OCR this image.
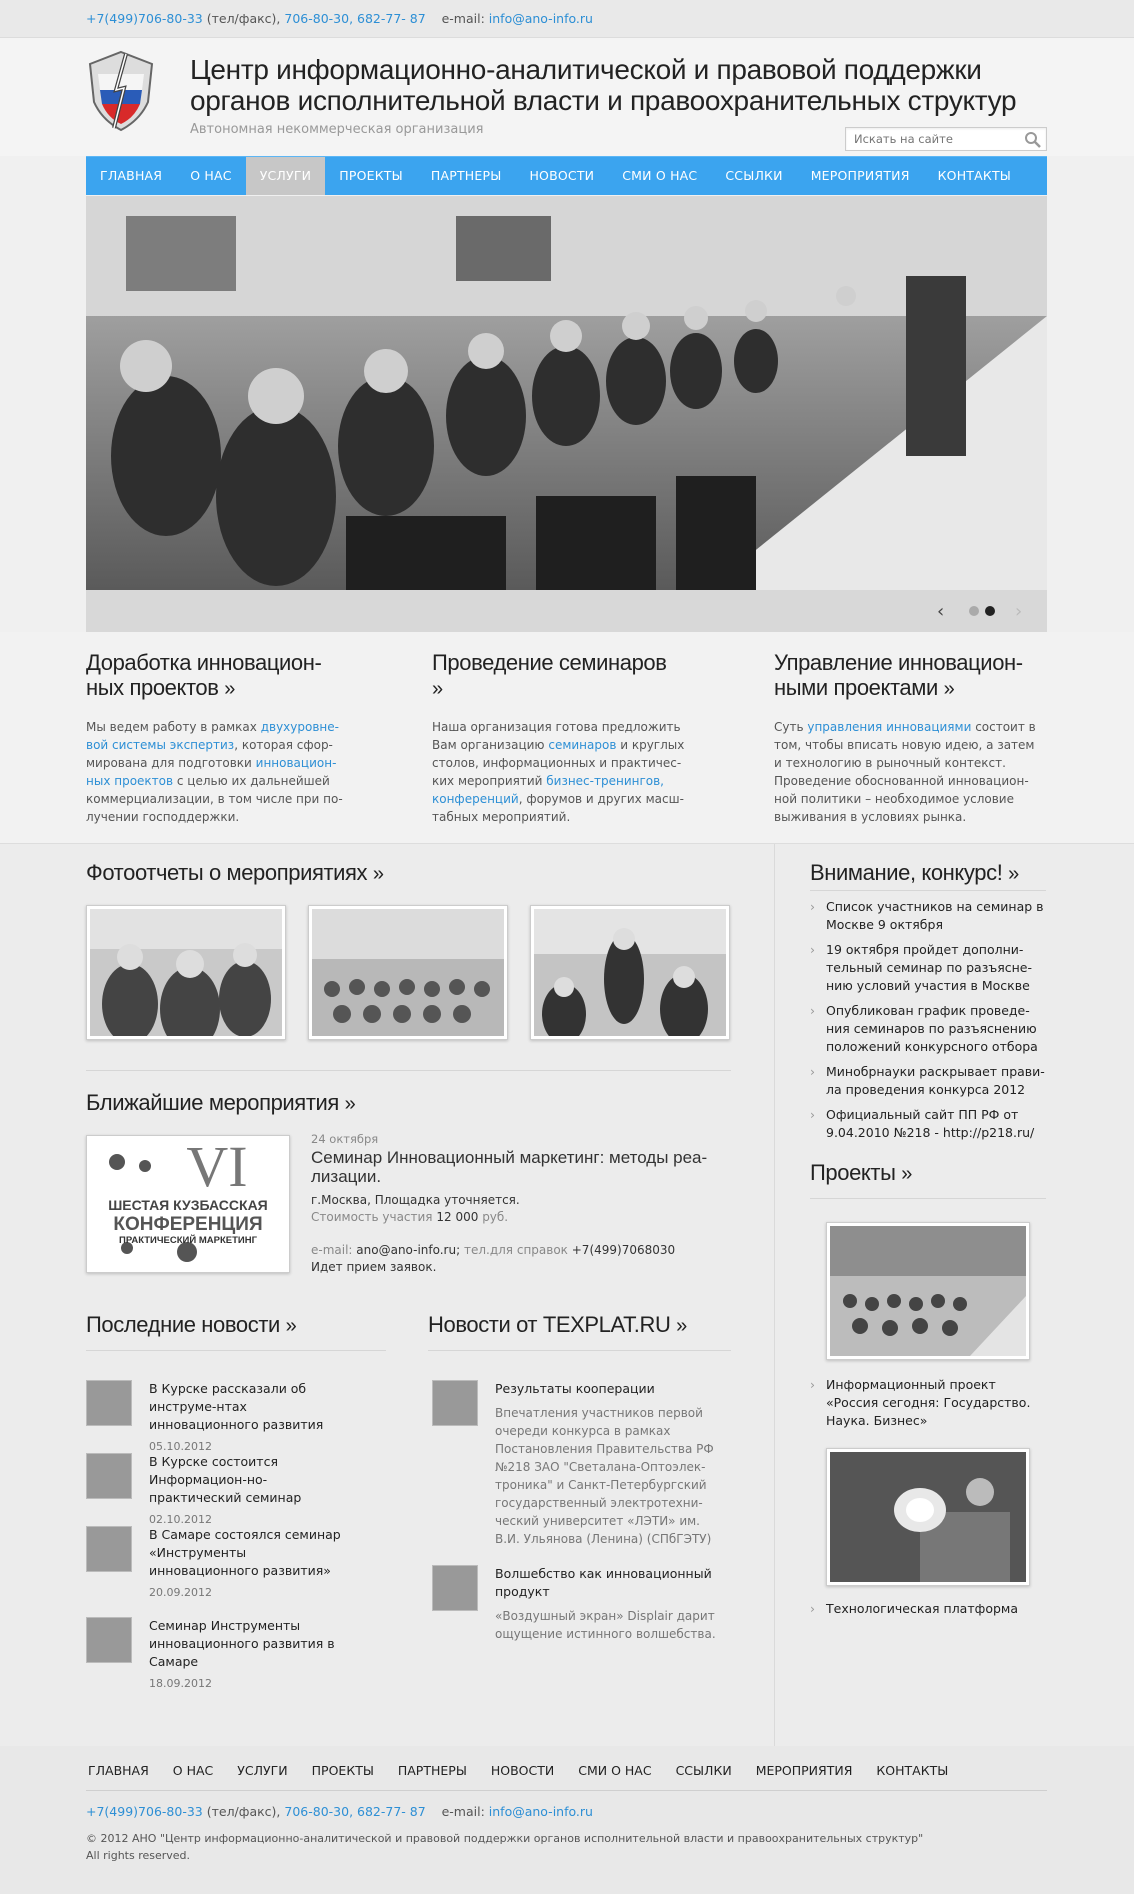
+7(499)706-80-33 (тел/факс), 706-80-30, 682-77- 87 e-mail: info@ano-info.ru
Центр информационно-аналитической и правовой поддержки
органов исполнительной власти и правоохранительных структур
Автономная некоммерческая организация
Искать на сайте
ГЛАВНАЯ	О НАС	УСЛУГИ	ПРОЕКТЫ	ПАРТНЕРЫ	НОВОСТИ	СМИ О НАС	ССЫЛКИ	МЕРОПРИЯТИЯ	КОНТАКТЫ
‹	›
Доработка инновацион-
ных проектов »

Мы ведем работу в рамках двухуровне-вой системы экспертиз, которая сфор-мирована для подготовки инновацион-ных проектов с целью их дальнейшей коммерциализации, в том числе при по-лучении господдержки.

Проведение семинаров
»

Наша организация готова предложить Вам организацию семинаров и круглых столов, информационных и практичес-ких мероприятий бизнес-тренингов, конференций, форумов и других масш-табных мероприятий.

Управление инновацион-
ными проектами »

Суть управления инновациями состоит в том, чтобы вписать новую идею, а затем и технологию в рыночный контекст. Проведение обоснованной инновацион-ной политики – необходимое условие выживания в условиях рынка.

Фотоотчеты о мероприятиях »
Ближайшие мероприятия »
VI
ШЕСТАЯ КУЗБАССКАЯ
КОНФЕРЕНЦИЯ
ПРАКТИЧЕСКИЙ МАРКЕТИНГ
24 октября
Семинар Инновационный маркетинг: методы реа-лизации.
г.Москва, Площадка уточняется.
Стоимость участия 12 000 руб.
e-mail: ano@ano-info.ru; тел.для справок +7(499)7068030
Идет прием заявок.
Последние новости »
В Курске рассказали об инструме-нтах инновационного развития
05.10.2012
В Курске состоится Информацион-но-практический семинар
02.10.2012
В Самаре состоялся семинар «Инструменты инновационного развития»
20.09.2012
Семинар Инструменты инновационного развития в Самаре
18.09.2012
Новости от TEXPLAT.RU »
Результаты кооперации
Впечатления участников первой очереди конкурса в рамках Постановления Правительства РФ №218 ЗАО "Светалана-Оптоэлек-троника" и Санкт-Петербургский государственный электротехни-ческий университет «ЛЭТИ» им. В.И. Ульянова (Ленина) (СПбГЭТУ)
Волшебство как инновационный продукт
«Воздушный экран» Displair дарит ощущение истинного волшебства.
Внимание, конкурс! »
› Список участников на семинар в Москве 9 октября
› 19 октября пройдет дополни-тельный семинар по разъясне-нию условий участия в Москве
› Опубликован график проведе-ния семинаров по разъяснению положений конкурсного отбора
› Минобрнауки раскрывает прави-ла проведения конкурса 2012
› Официальный сайт ПП РФ от 9.04.2010 №218 - http://p218.ru/
Проекты »
› Информационный проект «Россия сегодня: Государство. Наука. Бизнес»
› Технологическая платформа
ГЛАВНАЯ О НАС УСЛУГИ ПРОЕКТЫ ПАРТНЕРЫ НОВОСТИ СМИ О НАС ССЫЛКИ МЕРОПРИЯТИЯ КОНТАКТЫ
+7(499)706-80-33 (тел/факс), 706-80-30, 682-77- 87 e-mail: info@ano-info.ru
© 2012 АНО "Центр информационно-аналитической и правовой поддержки органов исполнительной власти и правоохранительных структур"
All rights reserved.
